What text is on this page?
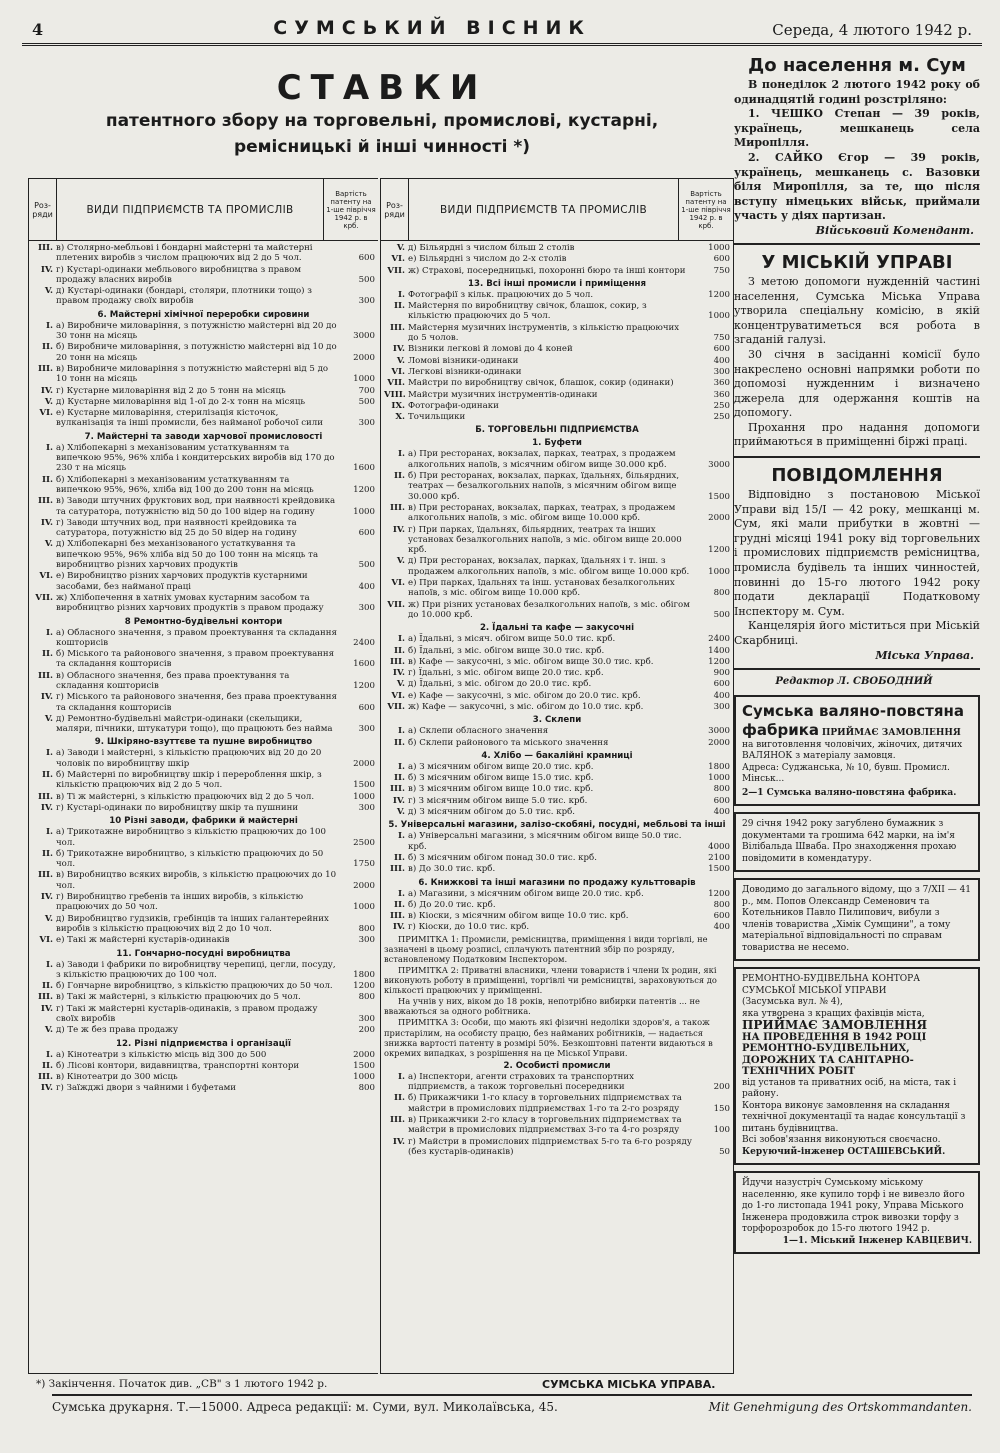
4	СУМСЬКИЙ ВІСНИК	Середа, 4 лютого 1942 р.
СТАВКИ
патентного збору на торговельні, промислові, кустарні,
ремісницькі й інші чинності *)
Роз-ряди	ВИДИ ПІДПРИЄМСТВ ТА ПРОМИСЛІВ
Вартість патенту на 1-ше півріччя 1942 р. в крб.
III. в) Столярно-мебльові і бондарні майстерні та майстерні плетених виробів з числом працюючих від 2 до 5 чол.	600
IV. г) Кустарі-одинаки мебльового виробництва з правом продажу власних виробів	500
V. д) Кустарі-одинаки (бондарі, столяри, плотники тощо) з правом продажу своїх виробів	300
6. Майстерні хімічної переробки сировини
I. а) Виробниче миловаріння, з потужністю майстерні від 20 до 30 тонн на місяць	3000
II. б) Виробниче миловаріння, з потужністю майстерні від 10 до 20 тонн на місяць	2000
III. в) Виробниче миловаріння з потужністю майстерні від 5 до 10 тонн на місяць	1000
IV. г) Кустарне миловаріння від 2 до 5 тонн на місяць	700
V. д) Кустарне миловаріння від 1-ої до 2-х тонн на місяць	500
VI. е) Кустарне миловаріння, стерилізація кісточок, вулканізація та інші промисли, без найманої робочої сили	300
7. Майстерні та заводи харчової промисловості
I. а) Хлібопекарні з механізованим устаткуванням та випечкою 95%, 96% хліба і кондитерських виробів від 170 до 230 т на місяць	1600
II. б) Хлібопекарні з механізованим устаткуванням та випечкою 95%, 96%, хліба від 100 до 200 тонн на місяць	1200
III. в) Заводи штучних фруктових вод, при наявності крейдовика та сатуратора, потужністю від 50 до 100 відер на годину	1000
IV. г) Заводи штучних вод, при наявності крейдовика та сатуратора, потужністю від 25 до 50 відер на годину	600
V. д) Хлібопекарні без механізованого устаткування та випечкою 95%, 96% хліба від 50 до 100 тонн на місяць та виробництво різних харчових продуктів	500
VI. е) Виробництво різних харчових продуктів кустарними засобами, без найманої праці	400
VII. ж) Хлібопечення в хатніх умовах кустарним засобом та виробництво різних харчових продуктів з правом продажу	300
8 Ремонтно-будівельні контори
I. а) Обласного значення, з правом проектування та складання кошторисів	2400
II. б) Міського та районового значення, з правом проектування та складання кошторисів	1600
III. в) Обласного значення, без права проектування та складання кошторисів	1200
IV. г) Міського та районового значення, без права проектування та складання кошторисів	600
V. д) Ремонтно-будівельні майстри-одинаки (скельщики, маляри, пічники, штукатури тощо), що працюють без найма	300
9. Шкіряно-взуттєве та пушне виробництво
I. а) Заводи і майстерні, з кількістю працюючих від 20 до 20 чоловік по виробництву шкір	2000
II. б) Майстерні по виробництву шкір і перероблення шкір, з кількістю працюючих від 2 до 5 чол.	1500
III. в) Ті ж майстерні, з кількістю працюючих від 2 до 5 чол.	1000
IV. г) Кустарі-одинаки по виробництву шкір та пушнини	300
10 Різні заводи, фабрики й майстерні
I. а) Трикотажне виробництво з кількістю працюючих до 100 чол.	2500
II. б) Трикотажне виробництво, з кількістю працюючих до 50 чол.	1750
III. в) Виробництво всяких виробів, з кількістю працюючих до 10 чол.	2000
IV. г) Виробництво гребенів та інших виробів, з кількістю працюючих до 50 чол.	1000
V. д) Виробництво гудзиків, гребінців та інших галантерейних виробів з кількістю працюючих від 2 до 10 чол.	800
VI. е) Такі ж майстерні кустарів-одинаків	300
11. Гончарно-посудні виробництва
I. а) Заводи і фабрики по виробництву черепиці, цегли, посуду, з кількістю працюючих до 100 чол.	1800
II. б) Гончарне виробництво, з кількістю працюючих до 50 чол.	1200
III. в) Такі ж майстерні, з кількістю працюючих до 5 чол.	800
IV. г) Такі ж майстерні кустарів-одинаків, з правом продажу своїх виробів	300
V. д) Те ж без права продажу	200
12. Різні підприємства і організації
I. а) Кінотеатри з кількістю місць від 300 до 500	2000
II. б) Лісові контори, видавництва, транспортні контори	1500
III. в) Кінотеатри до 300 місць	1000
IV. г) Заїжджі двори з чайними і буфетами	800
*) Закінчення. Початок див. „СВ" з 1 лютого 1942 р.
Роз-ряди	ВИДИ ПІДПРИЄМСТВ ТА ПРОМИСЛІВ
Вартість патенту на 1-ше півріччя 1942 р. в крб.
V. д) Більярдні з числом більш 2 столів	1000
VI. е) Більярдні з числом до 2-х столів	600
VII. ж) Страхові, посередницькі, похоронні бюро та інші контори	750
13. Всі інші промисли і приміщення
I. Фотографії з кільк. працюючих до 5 чол.	1200
II. Майстерня по виробництву свічок, блашок, сокир, з кількістю працюючих до 5 чол.	1000
III. Майстерня музичних інструментів, з кількістю працюючих до 5 чолов.	750
IV. Візники легкові й ломові до 4 коней	600
V. Ломові візники-одинаки	400
VI. Легкові візники-одинаки	300
VII. Майстри по виробництву свічок, блашок, сокир (одинаки)	360
VIII. Майстри музичних інструментів-одинаки	360
IX. Фотографи-одинаки	250
X. Точильщики	250
Б. ТОРГОВЕЛЬНІ ПІДПРИЄМСТВА
1. Буфети
I. а) При ресторанах, вокзалах, парках, театрах, з продажем алкогольних напоїв, з місячним обігом вище 30.000 крб.	3000
II. б) При ресторанах, вокзалах, парках, їдальнях, більярдних, театрах — безалкогольних напоїв, з місячним обігом вище 30.000 крб.	1500
III. в) При ресторанах, вокзалах, парках, театрах, з продажем алкогольних напоїв, з міс. обігом вище 10.000 крб.	2000
IV. г) При парках, їдальнях, більярдних, театрах та інших установах безалкогольних напоїв, з міс. обігом вище 20.000 крб.	1200
V. д) При ресторанах, вокзалах, парках, їдальнях і т. інш. з продажем алкогольних напоїв, з міс. обігом вище 10.000 крб.	1000
VI. е) При парках, їдальнях та інш. установах безалкогольних напоїв, з міс. обігом вище 10.000 крб.	800
VII. ж) При різних установах безалкогольних напоїв, з міс. обігом до 10.000 крб.	500
2. Їдальні та кафе — закусочні
I. а) Їдальні, з місяч. обігом вище 50.0 тис. крб.	2400
II. б) Їдальні, з міс. обігом вище 30.0 тис. крб.	1400
III. в) Кафе — закусочні, з міс. обігом вище 30.0 тис. крб.	1200
IV. г) Їдальні, з міс. обігом вище 20.0 тис. крб.	900
V. д) Їдальні, з міс. обігом до 20.0 тис. крб.	600
VI. е) Кафе — закусочні, з міс. обігом до 20.0 тис. крб.	400
VII. ж) Кафе — закусочні, з міс. обігом до 10.0 тис. крб.	300
3. Склепи
I. а) Склепи обласного значення	3000
II. б) Склепи районового та міського значення	2000
4. Хлібо — бакалійні крамниці
I. а) З місячним обігом вище 20.0 тис. крб.	1800
II. б) З місячним обігом вище 15.0 тис. крб.	1000
III. в) З місячним обігом вище 10.0 тис. крб.	800
IV. г) З місячним обігом вище 5.0 тис. крб.	600
V. д) З місячним обігом до 5.0 тис. крб.	400
5. Універсальні магазини, залізо-скобяні, посудні, мебльові та інші
I. а) Універсальні магазини, з місячним обігом вище 50.0 тис. крб.	4000
II. б) З місячним обігом понад 30.0 тис. крб.	2100
III. в) До 30.0 тис. крб.	1500
6. Книжкові та інші магазини по продажу культтоварів
I. а) Магазини, з місячним обігом вище 20.0 тис. крб.	1200
II. б) До 20.0 тис. крб.	800
III. в) Кіоски, з місячним обігом вище 10.0 тис. крб.	600
IV. г) Кіоски, до 10.0 тис. крб.	400
ПРИМІТКА 1: Промисли, ремісництва, приміщення і види торгівлі, не зазначені в цьому розписі, сплачують патентний збір по розряду, встановленому Податковим Інспектором.
ПРИМІТКА 2: Приватні власники, члени товариств і члени їх родин, які виконують роботу в приміщенні, торгівлі чи ремісництві, зараховуються до кількості працюючих у приміщенні.
На учнів у них, віком до 18 років, непотрібно вибирки патентів ... не вважаються за одного робітника.
ПРИМІТКА 3: Особи, що мають які фізичні недоліки здоров'я, а також пристарілим, на особисту працю, без найманих робітників, — надається знижка вартості патенту в розмірі 50%. Безкоштовні патенти видаються в окремих випадках, з розрішення на це Міської Управи.
2. Особисті промисли
I. а) Інспектори, агенти страхових та транспортних підприємств, а також торговельні посередники	200
II. б) Прикажчики 1-го класу в торговельних підприємствах та майстри в промислових підприємствах 1-го та 2-го розряду	150
III. в) Прикажчики 2-го класу в торговельних підприємствах та майстри в промислових підприємствах 3-го та 4-го розряду	100
IV. г) Майстри в промислових підприємствах 5-го та 6-го розряду (без кустарів-одинаків)	50
СУМСЬКА МІСЬКА УПРАВА.
До населення м. Сум

В понеділок 2 лютого 1942 року об одинадцятій годині розстріляно:

1. ЧЕШКО Степан — 39 років, українець, мешканець села Миропілля.

2. САЙКО Єгор — 39 років, українець, мешканець с. Вазовки біля Миропілля, за те, що після вступу німецьких військ, приймали участь у діях партизан.

Військовий Комендант.
У МІСЬКІЙ УПРАВІ

З метою допомоги нужденній частині населення, Сумська Міська Управа утворила спеціальну комісію, в якій концентруватиметься вся робота в згаданій галузі.

30 січня в засіданні комісії було накреслено основні напрямки роботи по допомозі нужденним і визначено джерела для одержання коштів на допомогу.

Прохання про надання допомоги приймаються в приміщенні біржі праці.

ПОВІДОМЛЕННЯ

Відповідно з постановою Міської Управи від 15/І — 42 року, мешканці м. Сум, які мали прибутки в жовтні — грудні місяці 1941 року від торговельних і промислових підприємств ремісництва, промисла будівель та інших чинностей, повинні до 15-го лютого 1942 року подати декларації Податковому Інспектору м. Сум.

Канцелярія його міститься при Міській Скарбниці.

Міська Управа.
Редактор Л. СВОБОДНИЙ
Сумська валяно-повстяна
фабрика ПРИЙМАЄ ЗАМОВЛЕННЯ
на виготовлення чоловічих, жіночих, дитячих ВАЛЯНОК з матеріалу замовця.
Адреса: Суджанська, № 10, бувш. Промисл. Мінськ...
2—1 Сумська валяно-повстяна фабрика.
29 січня 1942 року загублено бумажник з документами та грошима 642 марки, на ім'я Вілібальда Шваба. Про знаходження прохаю повідомити в комендатуру.
Доводимо до загального відому, що з 7/XII — 41 р., мм. Попов Олександр Семенович та Котельников Павло Пилипович, вибули з членів товариства „Хімік Сумщини", а тому матеріальної відповідальності по справам товариства не несемо.
РЕМОНТНО-БУДІВЕЛЬНА КОНТОРА
СУМСЬКОЇ МІСЬКОЇ УПРАВИ
(Засумська вул. № 4),
яка утворена з кращих фахівців міста,
ПРИЙМАЄ ЗАМОВЛЕННЯ
НА ПРОВЕДЕННЯ В 1942 РОЦІ РЕМОНТНО-БУДІВЕЛЬНИХ, ДОРОЖНИХ ТА САНІТАРНО-ТЕХНІЧНИХ РОБІТ
від установ та приватних осіб, на міста, так і району.
Контора виконує замовлення на складання технічної документації та надає консультації з питань будівництва.
Всі зобов'язання виконуються своєчасно.
Керуючий-інженер ОСТАШЕВСЬКИЙ.
Йдучи назустріч Сумському міському населенню, яке купило торф і не вивезло його до 1-го листопада 1941 року, Управа Міського Інженера продовжила строк вивозки торфу з торфорозробок до 15-го лютого 1942 р.
1—1. Міський Інженер КАВЦЕВИЧ.
Сумська друкарня. Т.—15000. Адреса редакції: м. Суми, вул. Миколаївська, 45.	Mit Genehmigung des Ortskommandanten.
